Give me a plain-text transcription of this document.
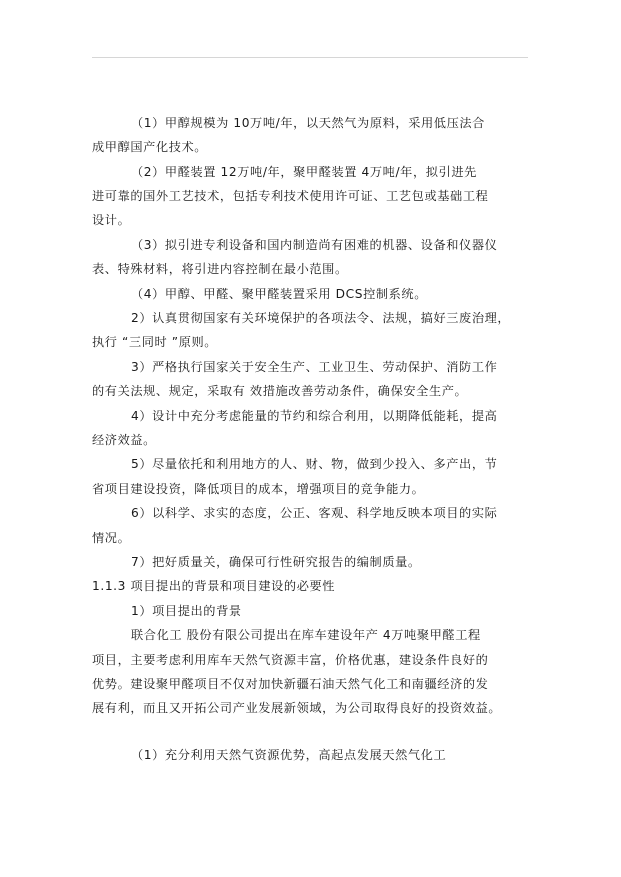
（1）甲醇规模为 10万吨/年，以天然气为原料，采用低压法合
成甲醇国产化技术。
（2）甲醛装置 12万吨/年，聚甲醛装置 4万吨/年，拟引进先
进可靠的国外工艺技术，包括专利技术使用许可证、工艺包或基础工程
设计。
（3）拟引进专利设备和国内制造尚有困难的机器、设备和仪器仪
表、特殊材料，将引进内容控制在最小范围。
（4）甲醇、甲醛、聚甲醛装置采用 DCS控制系统。
2）认真贯彻国家有关环境保护的各项法令、法规，搞好三废治理，
执行 “三同时 ”原则。
3）严格执行国家关于安全生产、工业卫生、劳动保护、消防工作
的有关法规、规定，采取有 效措施改善劳动条件，确保安全生产。
4）设计中充分考虑能量的节约和综合利用，以期降低能耗，提高
经济效益。
5）尽量依托和利用地方的人、财、物，做到少投入、多产出，节
省项目建设投资，降低项目的成本，增强项目的竞争能力。
6）以科学、求实的态度，公正、客观、科学地反映本项目的实际
情况。
7）把好质量关，确保可行性研究报告的编制质量。
1.1.3 项目提出的背景和项目建设的必要性
1）项目提出的背景
联合化工 股份有限公司提出在库车建设年产 4万吨聚甲醛工程
项目，主要考虑利用库车天然气资源丰富，价格优惠，建设条件良好的
优势。建设聚甲醛项目不仅对加快新疆石油天然气化工和南疆经济的发
展有利，而且又开拓公司产业发展新领域，为公司取得良好的投资效益。
（1）充分利用天然气资源优势，高起点发展天然气化工
